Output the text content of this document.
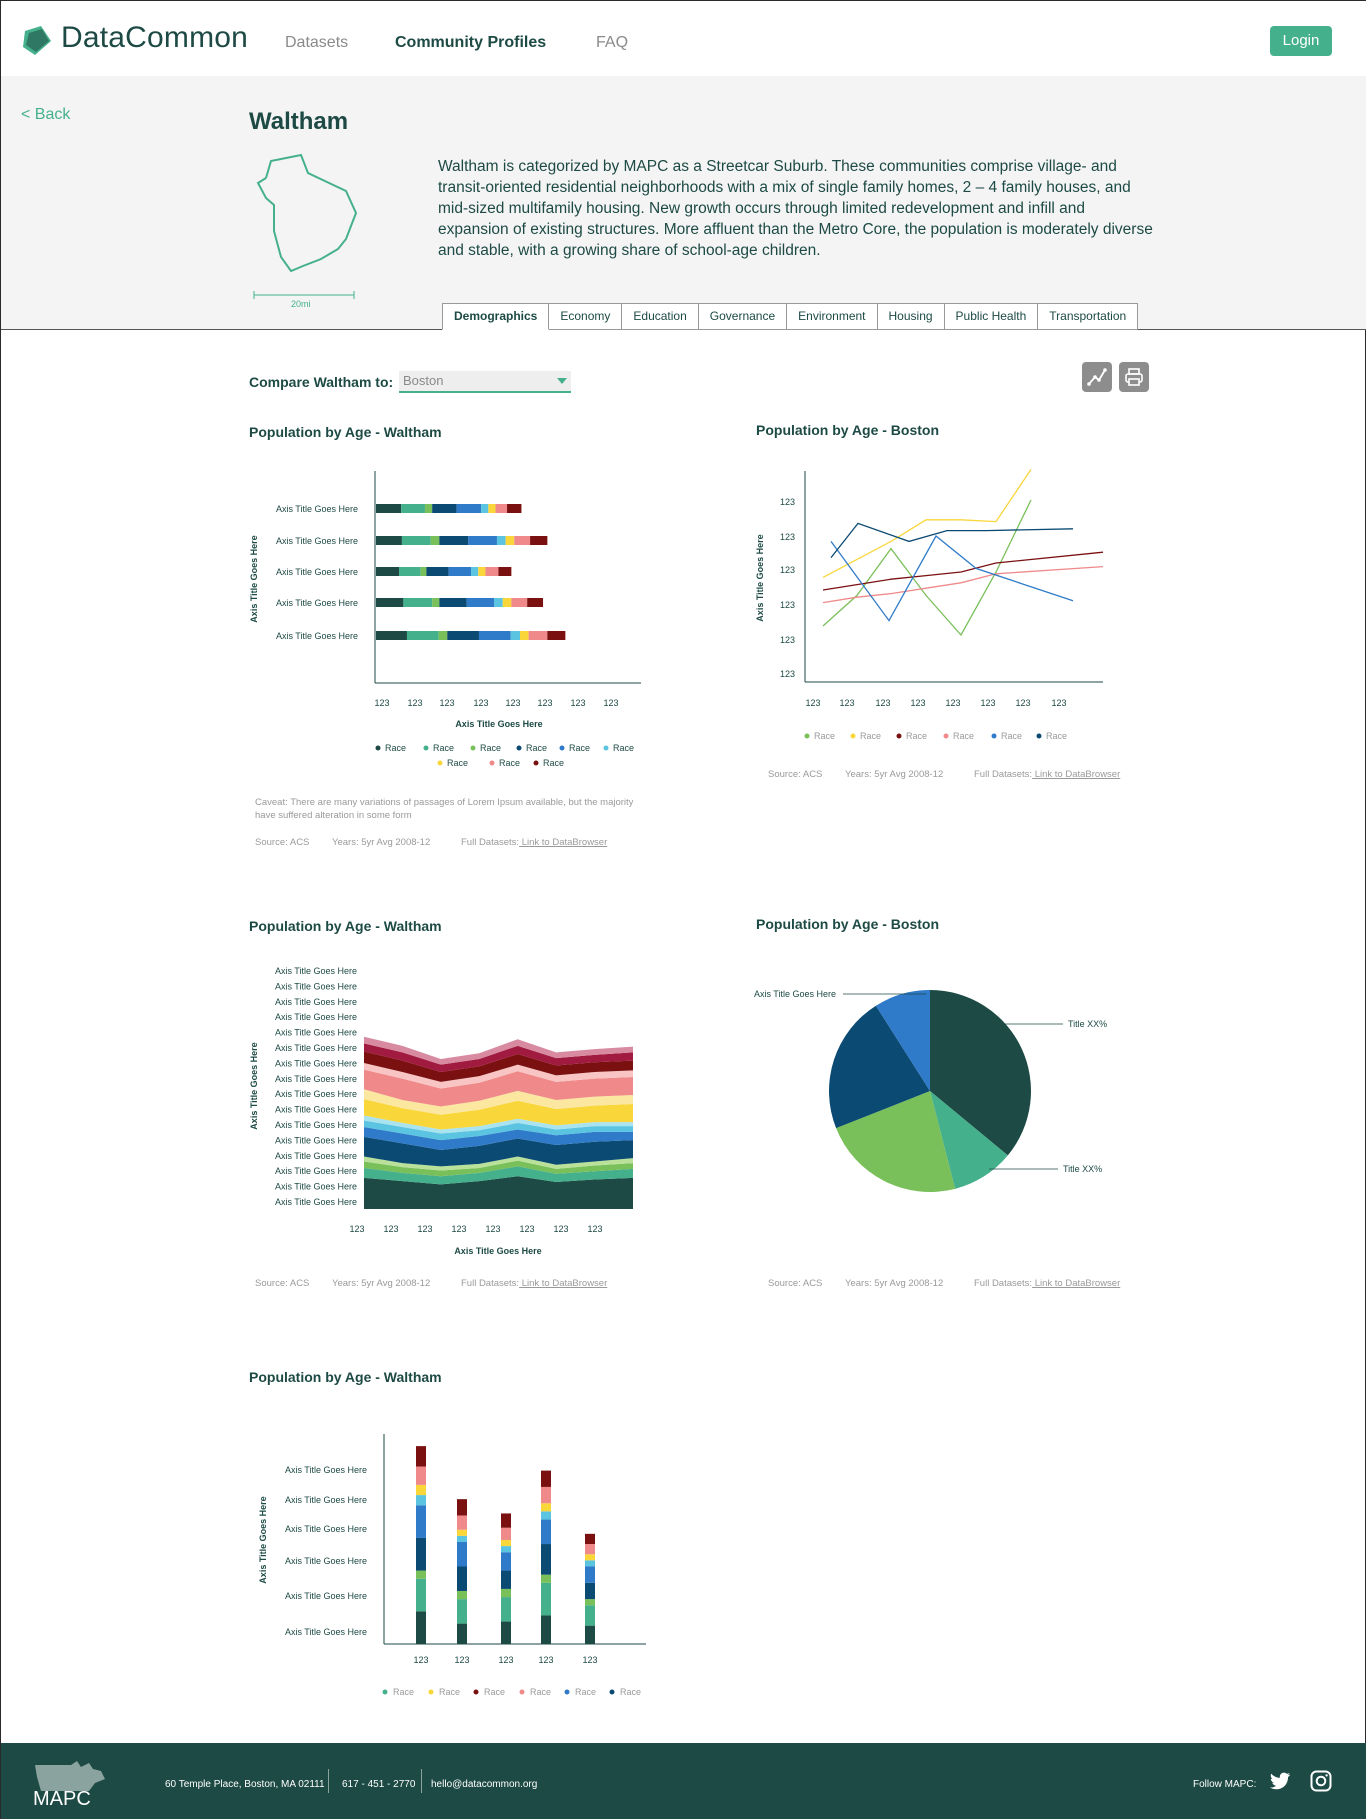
DataCommon Datasets	Community Profiles	FAQ	Login
< Back	Waltham
20mi

Waltham is categorized by MAPC as a Streetcar Suburb. These communities comprise village- and transit-oriented residential neighborhoods with a mix of single family homes, 2 – 4 family houses, and mid-sized multifamily housing. New growth occurs through limited redevelopment and infill and expansion of existing structures. More affluent than the Metro Core, the population is moderately diverse and stable, with a growing share of school-age children.

Demographics	Economy	Education	Governance	Environment	Housing	Public Health	Transportation
Compare Waltham to: Boston
Population by Age - Waltham
Axis Title Goes Here
Axis Title Goes Here
Axis Title Goes Here
Axis Title Goes Here
Axis Title Goes Here
Axis Title Goes Here
123 123 123 123 123 123 123 123
Axis Title Goes Here
Race	Race	Race	Race Race	Race
Race	Race	Race
Caveat: There are many variations of passages of Lorem Ipsum available, but the majority have suffered alteration in some form
Source: ACS Years: 5yr Avg 2008-12	Full Datasets: Link to DataBrowser
Population by Age - Boston
Axis Title Goes Here
123
123
123
123
123
123
123 123 123 123 123 123 123 123
Race	Race	Race	Race	Race	Race
Source: ACS Years: 5yr Avg 2008-12	Full Datasets: Link to DataBrowser
Population by Age - Waltham
Axis Title Goes Here
Axis Title Goes Here
Axis Title Goes Here
Axis Title Goes Here
Axis Title Goes Here
Axis Title Goes Here
Axis Title Goes Here
Axis Title Goes Here
Axis Title Goes Here
Axis Title Goes Here
Axis Title Goes Here
Axis Title Goes Here
Axis Title Goes Here
Axis Title Goes Here
Axis Title Goes Here
Axis Title Goes Here
Axis Title Goes Here
123 123 123 123 123 123 123 123
Axis Title Goes Here
Source: ACS Years: 5yr Avg 2008-12	Full Datasets: Link to DataBrowser
Population by Age - Boston
Axis Title Goes Here
Title XX%
Title XX%
Source: ACS Years: 5yr Avg 2008-12	Full Datasets: Link to DataBrowser
Population by Age - Waltham
Axis Title Goes Here
Axis Title Goes Here
Axis Title Goes Here
Axis Title Goes Here
Axis Title Goes Here
Axis Title Goes Here
Axis Title Goes Here
123	123	123	123	123
Race	Race	Race	Race	Race	Race
MAPC
60 Temple Place, Boston, MA 02111 617 - 451 - 2770 hello@datacommon.org	Follow MAPC:
